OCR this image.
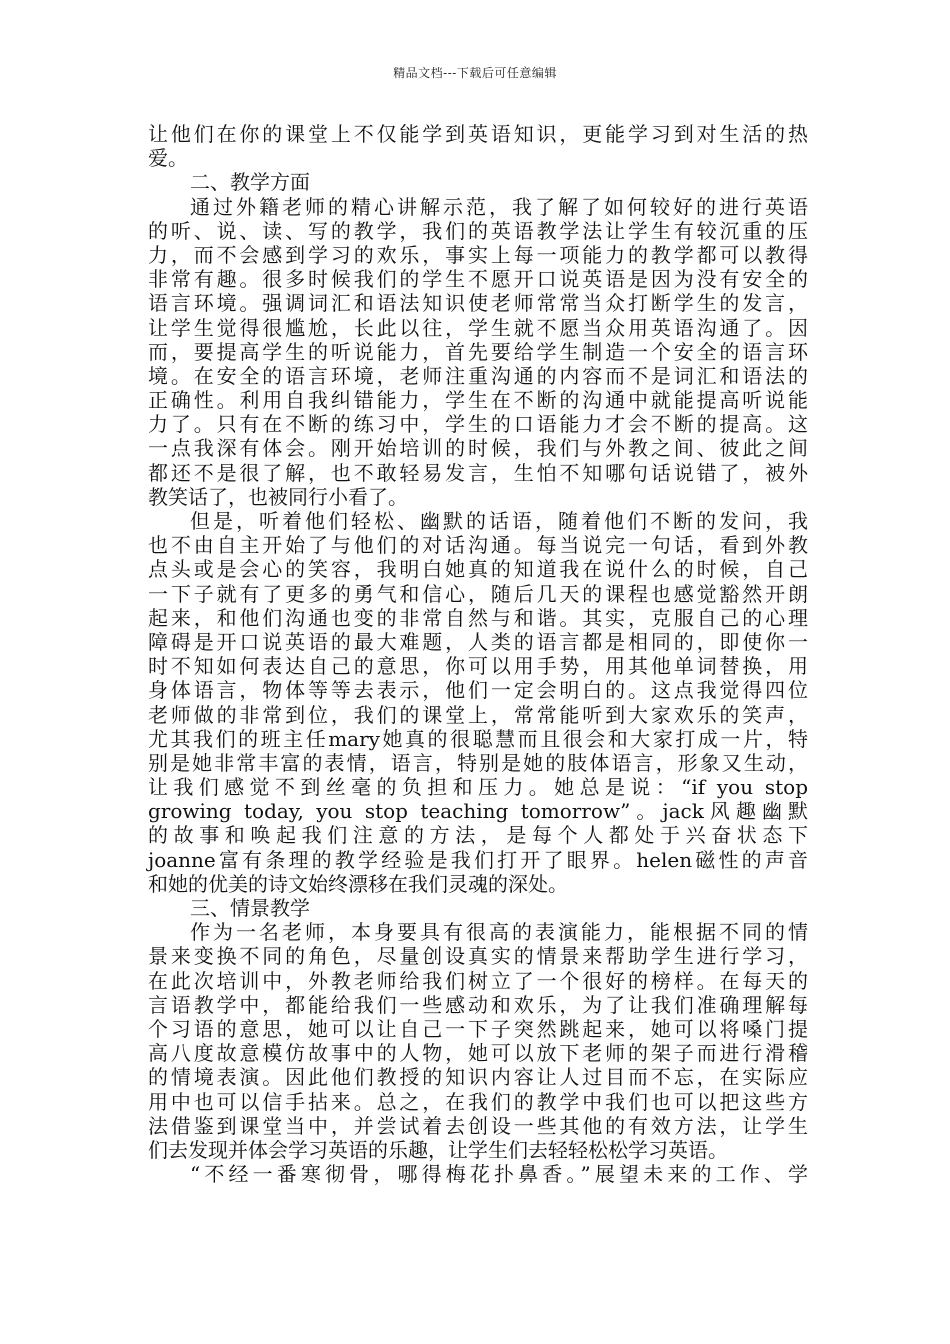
精品文档---下载后可任意编辑
让他们在你的课堂上不仅能学到英语知识，更能学习到对生活的热
爱。
二、教学方面
通过外籍老师的精心讲解示范，我了解了如何较好的进行英语
的听、说、读、写的教学，我们的英语教学法让学生有较沉重的压
力，而不会感到学习的欢乐，事实上每一项能力的教学都可以教得
非常有趣。很多时候我们的学生不愿开口说英语是因为没有安全的
语言环境。强调词汇和语法知识使老师常常当众打断学生的发言，
让学生觉得很尴尬，长此以往，学生就不愿当众用英语沟通了。因
而，要提高学生的听说能力，首先要给学生制造一个安全的语言环
境。在安全的语言环境，老师注重沟通的内容而不是词汇和语法的
正确性。利用自我纠错能力，学生在不断的沟通中就能提高听说能
力了。只有在不断的练习中，学生的口语能力才会不断的提高。这
一点我深有体会。刚开始培训的时候，我们与外教之间、彼此之间
都还不是很了解，也不敢轻易发言，生怕不知哪句话说错了，被外
教笑话了，也被同行小看了。
但是，听着他们轻松、幽默的话语，随着他们不断的发问，我
也不由自主开始了与他们的对话沟通。每当说完一句话，看到外教
点头或是会心的笑容，我明白她真的知道我在说什么的时候，自己
一下子就有了更多的勇气和信心，随后几天的课程也感觉豁然开朗
起来，和他们沟通也变的非常自然与和谐。其实，克服自己的心理
障碍是开口说英语的最大难题，人类的语言都是相同的，即使你一
时不知如何表达自己的意思，你可以用手势，用其他单词替换，用
身体语言，物体等等去表示，他们一定会明白的。这点我觉得四位
老师做的非常到位，我们的课堂上，常常能听到大家欢乐的笑声，
尤其我们的班主任mary她真的很聪慧而且很会和大家打成一片，特
别是她非常丰富的表情，语言，特别是她的肢体语言，形象又生动，
让我们感觉不到丝毫的负担和压力。她总是说：“if you stop
growing today, you stop teaching tomorrow”。jack风趣幽默
的故事和唤起我们注意的方法，是每个人都处于兴奋状态下
joanne富有条理的教学经验是我们打开了眼界。helen磁性的声音
和她的优美的诗文始终漂移在我们灵魂的深处。
三、情景教学
作为一名老师，本身要具有很高的表演能力，能根据不同的情
景来变换不同的角色，尽量创设真实的情景来帮助学生进行学习，
在此次培训中，外教老师给我们树立了一个很好的榜样。在每天的
言语教学中，都能给我们一些感动和欢乐，为了让我们准确理解每
个习语的意思，她可以让自己一下子突然跳起来，她可以将嗓门提
高八度故意模仿故事中的人物，她可以放下老师的架子而进行滑稽
的情境表演。因此他们教授的知识内容让人过目而不忘，在实际应
用中也可以信手拈来。总之，在我们的教学中我们也可以把这些方
法借鉴到课堂当中，并尝试着去创设一些其他的有效方法，让学生
们去发现并体会学习英语的乐趣，让学生们去轻轻松松学习英语。
“不经一番寒彻骨，哪得梅花扑鼻香。”展望未来的工作、学
